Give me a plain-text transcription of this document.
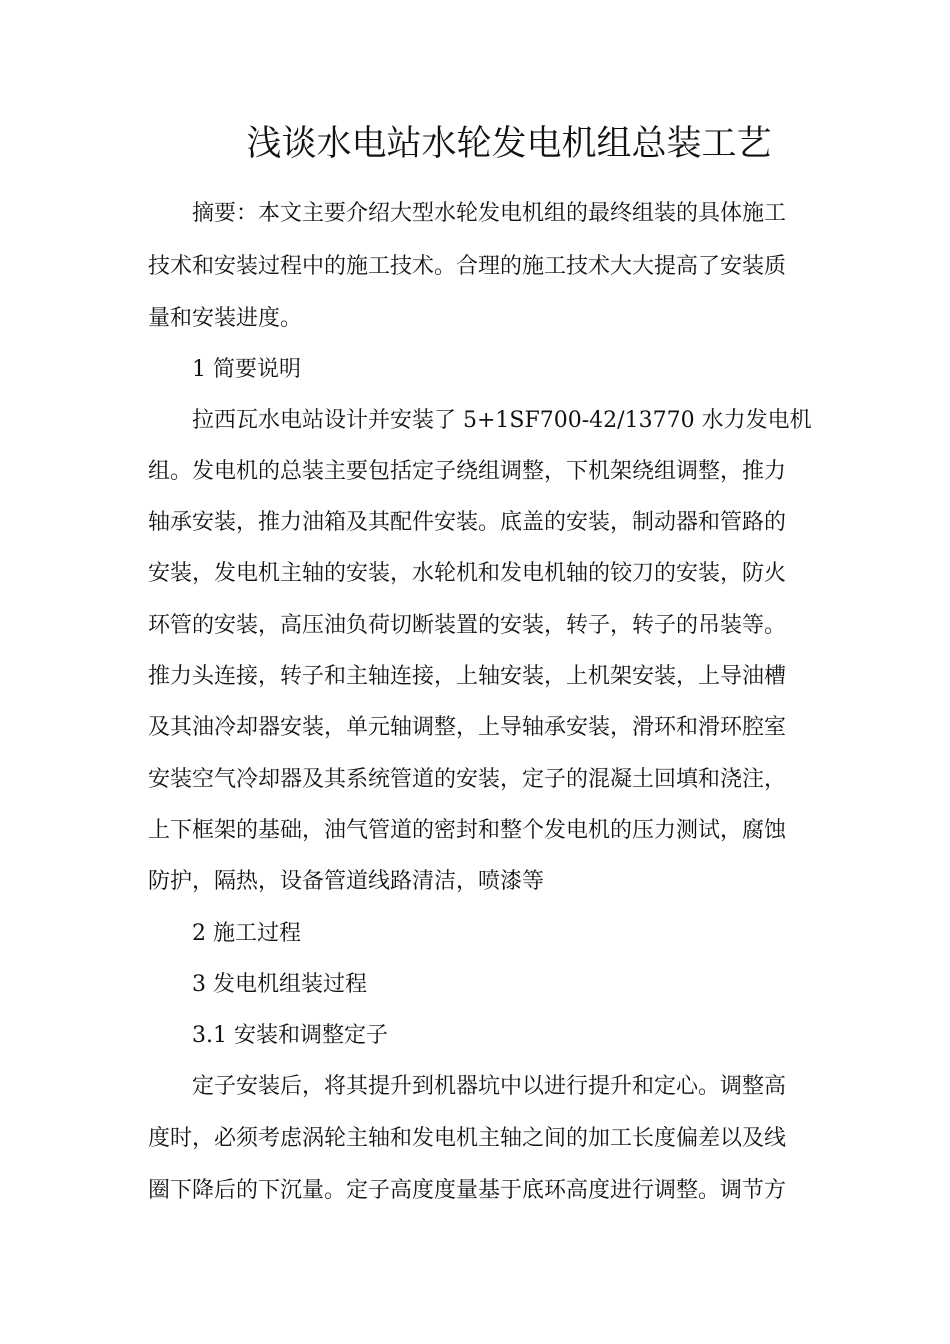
浅谈水电站水轮发电机组总装工艺
摘要：本文主要介绍大型水轮发电机组的最终组装的具体施工
技术和安装过程中的施工技术。合理的施工技术大大提高了安装质
量和安装进度。
1 简要说明
拉西瓦水电站设计并安装了 5+1SF700-42/13770 水力发电机
组。发电机的总装主要包括定子绕组调整，下机架绕组调整，推力
轴承安装，推力油箱及其配件安装。底盖的安装，制动器和管路的
安装，发电机主轴的安装，水轮机和发电机轴的铰刀的安装，防火
环管的安装，高压油负荷切断装置的安装，转子，转子的吊装等。
推力头连接，转子和主轴连接，上轴安装，上机架安装，上导油槽
及其油冷却器安装，单元轴调整，上导轴承安装，滑环和滑环腔室
安装空气冷却器及其系统管道的安装，定子的混凝土回填和浇注，
上下框架的基础，油气管道的密封和整个发电机的压力测试，腐蚀
防护，隔热，设备管道线路清洁，喷漆等
2 施工过程
3 发电机组装过程
3.1 安装和调整定子
定子安装后，将其提升到机器坑中以进行提升和定心。调整高
度时，必须考虑涡轮主轴和发电机主轴之间的加工长度偏差以及线
圈下降后的下沉量。定子高度度量基于底环高度进行调整。调节方
